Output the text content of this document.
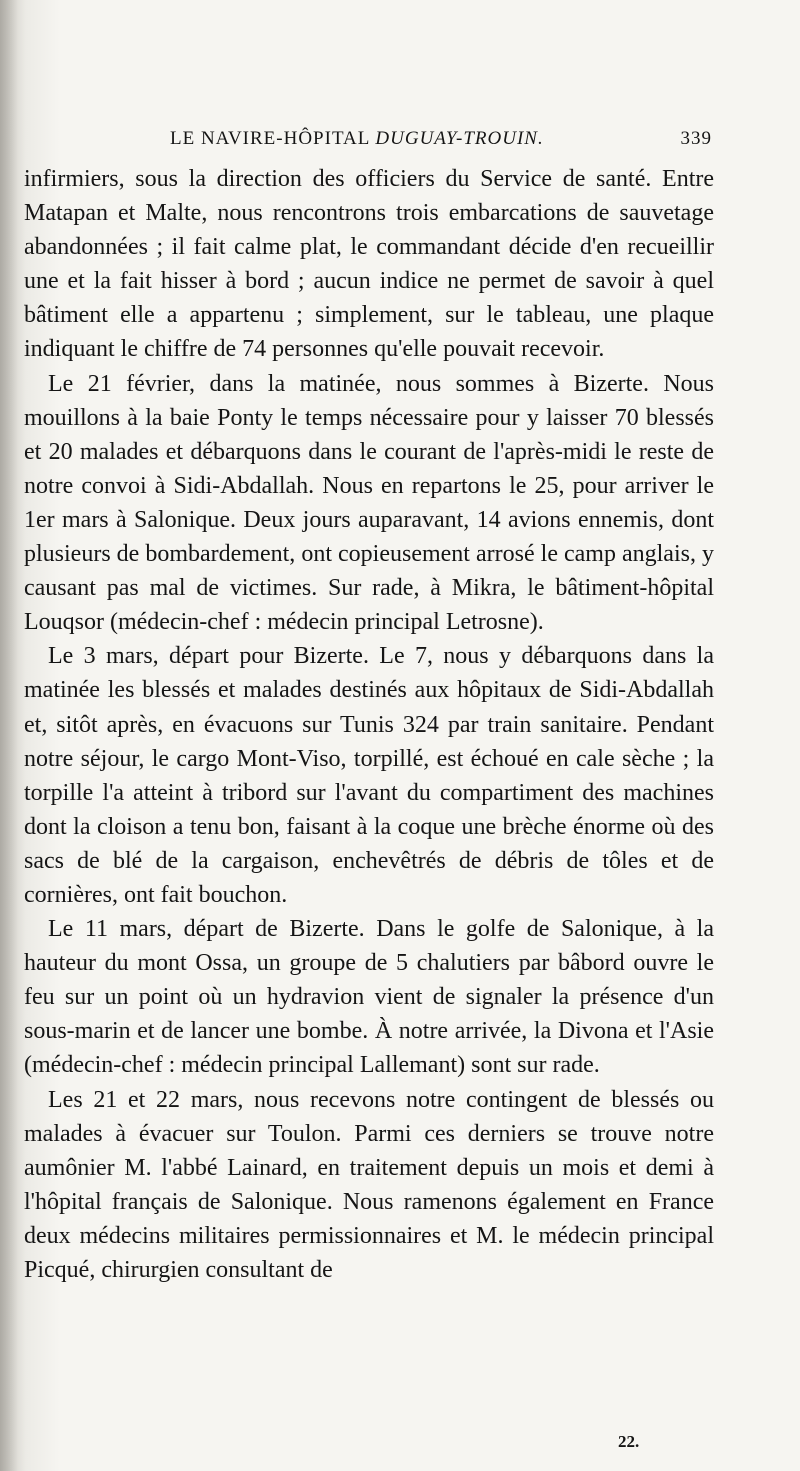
LE NAVIRE-HÔPITAL DUGUAY-TROUIN.	339

infirmiers, sous la direction des officiers du Service de santé. Entre Matapan et Malte, nous rencontrons trois embarcations de sauvetage abandonnées ; il fait calme plat, le commandant décide d'en recueillir une et la fait hisser à bord ; aucun indice ne permet de savoir à quel bâtiment elle a appartenu ; simplement, sur le tableau, une plaque indiquant le chiffre de 74 personnes qu'elle pouvait recevoir.

Le 21 février, dans la matinée, nous sommes à Bizerte. Nous mouillons à la baie Ponty le temps nécessaire pour y laisser 70 blessés et 20 malades et débarquons dans le courant de l'après-midi le reste de notre convoi à Sidi-Abdallah. Nous en repartons le 25, pour arriver le 1er mars à Salonique. Deux jours auparavant, 14 avions ennemis, dont plusieurs de bombardement, ont copieusement arrosé le camp anglais, y causant pas mal de victimes. Sur rade, à Mikra, le bâtiment-hôpital Louqsor (médecin-chef : médecin principal Letrosne).

Le 3 mars, départ pour Bizerte. Le 7, nous y débarquons dans la matinée les blessés et malades destinés aux hôpitaux de Sidi-Abdallah et, sitôt après, en évacuons sur Tunis 324 par train sanitaire. Pendant notre séjour, le cargo Mont-Viso, torpillé, est échoué en cale sèche ; la torpille l'a atteint à tribord sur l'avant du compartiment des machines dont la cloison a tenu bon, faisant à la coque une brèche énorme où des sacs de blé de la cargaison, enchevêtrés de débris de tôles et de cornières, ont fait bouchon.

Le 11 mars, départ de Bizerte. Dans le golfe de Salonique, à la hauteur du mont Ossa, un groupe de 5 chalutiers par bâbord ouvre le feu sur un point où un hydravion vient de signaler la présence d'un sous-marin et de lancer une bombe. À notre arrivée, la Divona et l'Asie (médecin-chef : médecin principal Lallemant) sont sur rade.

Les 21 et 22 mars, nous recevons notre contingent de blessés ou malades à évacuer sur Toulon. Parmi ces derniers se trouve notre aumônier M. l'abbé Lainard, en traitement depuis un mois et demi à l'hôpital français de Salonique. Nous ramenons également en France deux médecins militaires permissionnaires et M. le médecin principal Picqué, chirurgien consultant de

22.
